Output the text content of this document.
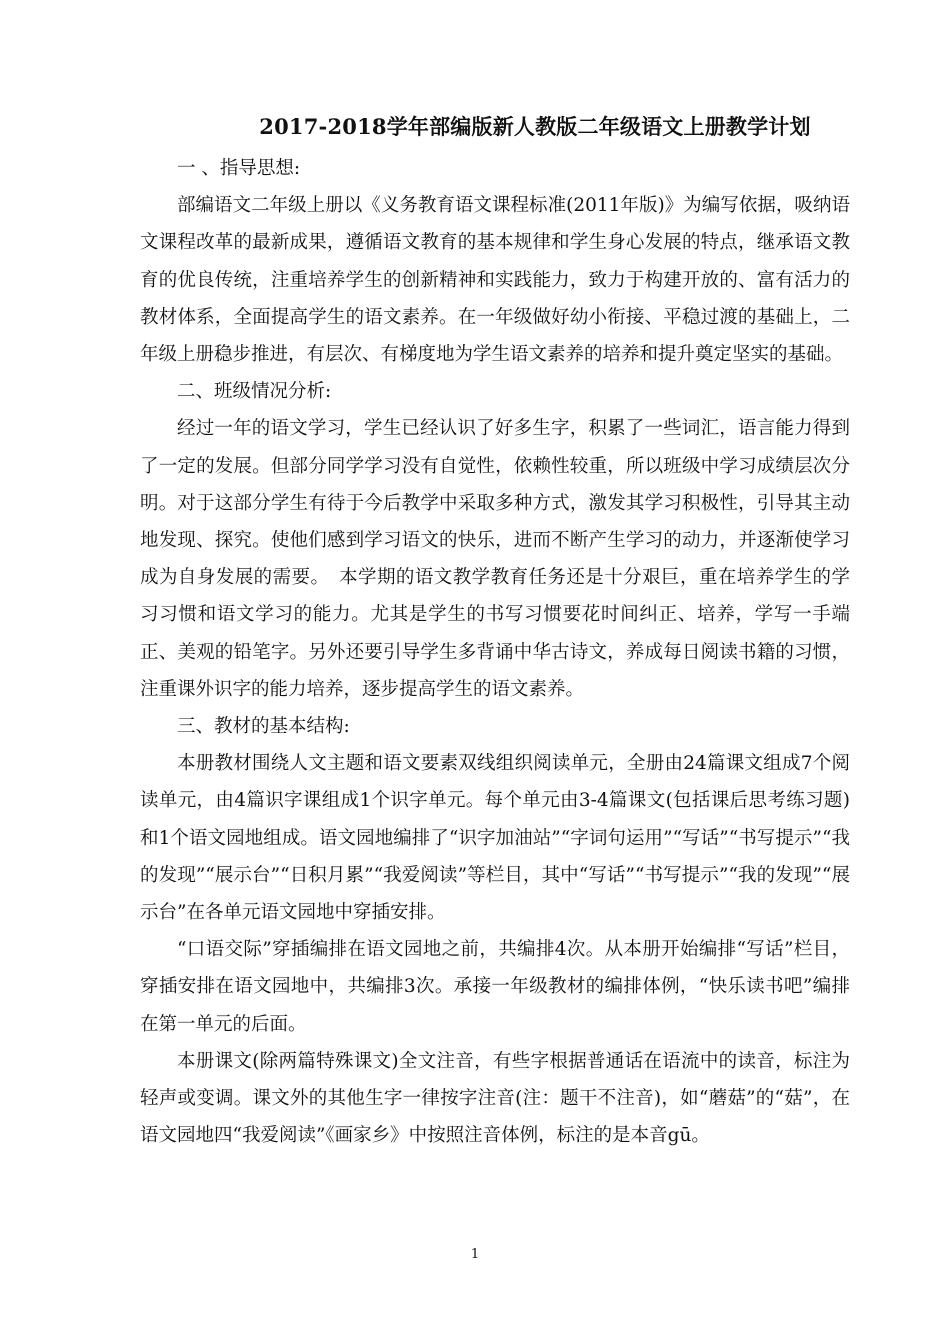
2017-2018学年部编版新人教版二年级语文上册教学计划

一 、指导思想:

部编语文二年级上册以《义务教育语文课程标准(2011年版)》为编写依据，吸纳语文课程改革的最新成果，遵循语文教育的基本规律和学生身心发展的特点，继承语文教育的优良传统，注重培养学生的创新精神和实践能力，致力于构建开放的、富有活力的教材体系，全面提高学生的语文素养。在一年级做好幼小衔接、平稳过渡的基础上，二年级上册稳步推进，有层次、有梯度地为学生语文素养的培养和提升奠定坚实的基础。

二、班级情况分析:

经过一年的语文学习，学生已经认识了好多生字，积累了一些词汇，语言能力得到了一定的发展。但部分同学学习没有自觉性，依赖性较重，所以班级中学习成绩层次分明。对于这部分学生有待于今后教学中采取多种方式，激发其学习积极性，引导其主动地发现、探究。使他们感到学习语文的快乐，进而不断产生学习的动力，并逐渐使学习成为自身发展的需要。　本学期的语文教学教育任务还是十分艰巨，重在培养学生的学习习惯和语文学习的能力。尤其是学生的书写习惯要花时间纠正、培养，学写一手端正、美观的铅笔字。另外还要引导学生多背诵中华古诗文，养成每日阅读书籍的习惯，注重课外识字的能力培养，逐步提高学生的语文素养。

三、教材的基本结构:

本册教材围绕人文主题和语文要素双线组织阅读单元，全册由24篇课文组成7个阅读单元，由4篇识字课组成1个识字单元。每个单元由3-4篇课文(包括课后思考练习题)和1个语文园地组成。语文园地编排了“识字加油站”“字词句运用”“写话”“书写提示”“我的发现”“展示台”“日积月累”“我爱阅读”等栏目，其中“写话”“书写提示”“我的发现”“展示台”在各单元语文园地中穿插安排。

“口语交际”穿插编排在语文园地之前，共编排4次。从本册开始编排“写话”栏目，穿插安排在语文园地中，共编排3次。承接一年级教材的编排体例，“快乐读书吧”编排在第一单元的后面。

本册课文(除两篇特殊课文)全文注音，有些字根据普通话在语流中的读音，标注为轻声或变调。课文外的其他生字一律按字注音(注：题干不注音)，如“蘑菇”的“菇”，在语文园地四“我爱阅读”《画家乡》中按照注音体例，标注的是本音gū。

1
